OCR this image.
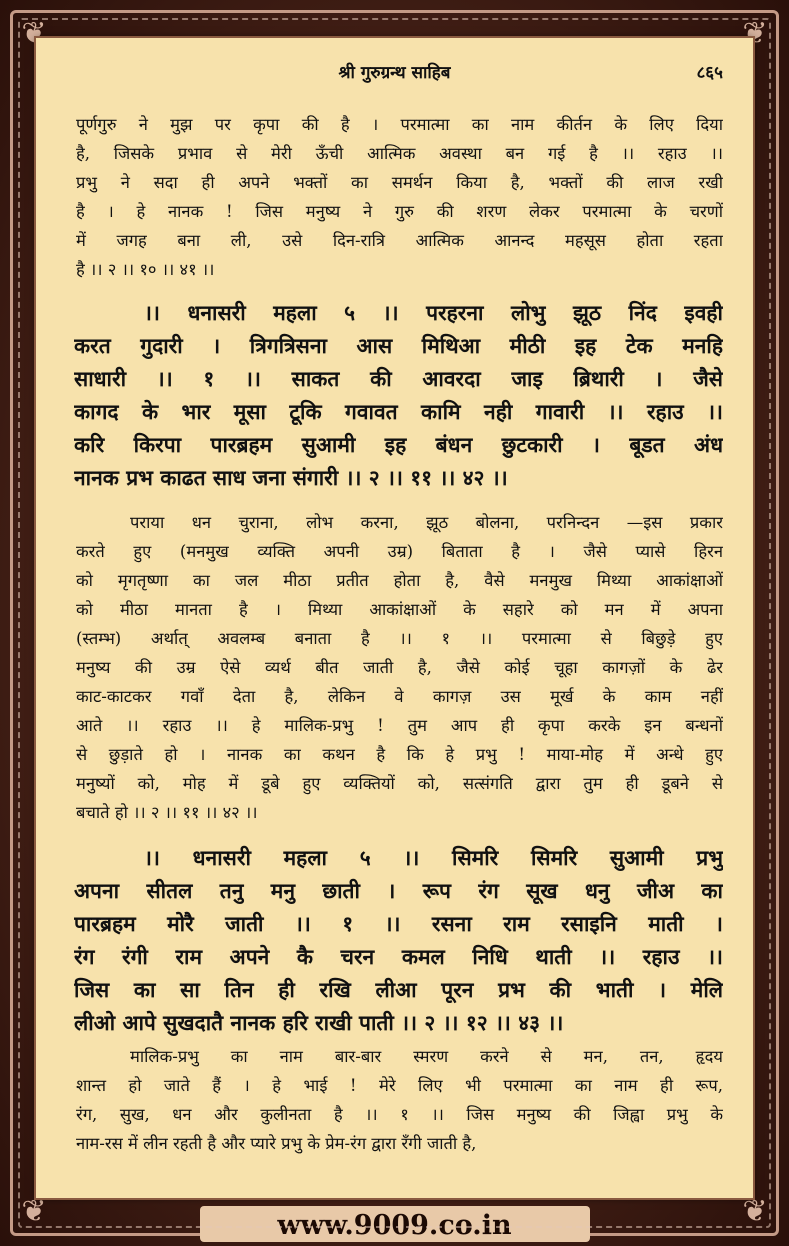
❦	❦
❦	❦
श्री गुरुग्रन्थ साहिब	८६५
पूर्णगुरु ने मुझ पर कृपा की है । परमात्मा का नाम कीर्तन के लिए दिया
है, जिसके प्रभाव से मेरी ऊँची आत्मिक अवस्था बन गई है ।। रहाउ ।।
प्रभु ने सदा ही अपने भक्तों का समर्थन किया है, भक्तों की लाज रखी
है । हे नानक ! जिस मनुष्य ने गुरु की शरण लेकर परमात्मा के चरणों
में जगह बना ली, उसे दिन-रात्रि आत्मिक आनन्द महसूस होता रहता
है ।। २ ।। १० ।। ४१ ।।
।। धनासरी महला ५ ।। परहरना लोभु झूठ निंद इवही
करत गुदारी । त्रिगत्रिसना आस मिथिआ मीठी इह टेक मनहि
साधारी ।। १ ।। साकत की आवरदा जाइ ब्रिथारी । जैसे
कागद के भार मूसा टूकि गवावत कामि नही गावारी ।। रहाउ ।।
करि किरपा पारब्रहम सुआमी इह बंधन छुटकारी । बूडत अंध
नानक प्रभ काढत साध जना संगारी ।। २ ।। ११ ।। ४२ ।।
पराया धन चुराना, लोभ करना, झूठ बोलना, परनिन्दन —इस प्रकार
करते हुए (मनमुख व्यक्ति अपनी उम्र) बिताता है । जैसे प्यासे हिरन
को मृगतृष्णा का जल मीठा प्रतीत होता है, वैसे मनमुख मिथ्या आकांक्षाओं
को मीठा मानता है । मिथ्या आकांक्षाओं के सहारे को मन में अपना
(स्तम्भ) अर्थात् अवलम्ब बनाता है ।। १ ।। परमात्मा से बिछुड़े हुए
मनुष्य की उम्र ऐसे व्यर्थ बीत जाती है, जैसे कोई चूहा कागज़ों के ढेर
काट-काटकर गवाँ देता है, लेकिन वे कागज़ उस मूर्ख के काम नहीं
आते ।। रहाउ ।। हे मालिक-प्रभु ! तुम आप ही कृपा करके इन बन्धनों
से छुड़ाते हो । नानक का कथन है कि हे प्रभु ! माया-मोह में अन्धे हुए
मनुष्यों को, मोह में डूबे हुए व्यक्तियों को, सत्संगति द्वारा तुम ही डूबने से
बचाते हो ।। २ ।। ११ ।। ४२ ।।
।। धनासरी महला ५ ।। सिमरि सिमरि सुआमी प्रभु
अपना सीतल तनु मनु छाती । रूप रंग सूख धनु जीअ का
पारब्रहम मोरै जाती ।। १ ।। रसना राम रसाइनि माती ।
रंग रंगी राम अपने कै चरन कमल निधि थाती ।। रहाउ ।।
जिस का सा तिन ही रखि लीआ पूरन प्रभ की भाती । मेलि
लीओ आपे सुखदातै नानक हरि राखी पाती ।। २ ।। १२ ।। ४३ ।।
मालिक-प्रभु का नाम बार-बार स्मरण करने से मन, तन, हृदय
शान्त हो जाते हैं । हे भाई ! मेरे लिए भी परमात्मा का नाम ही रूप,
रंग, सुख, धन और कुलीनता है ।। १ ।। जिस मनुष्य की जिह्वा प्रभु के
नाम-रस में लीन रहती है और प्यारे प्रभु के प्रेम-रंग द्वारा रँगी जाती है,
www.9009.co.in
